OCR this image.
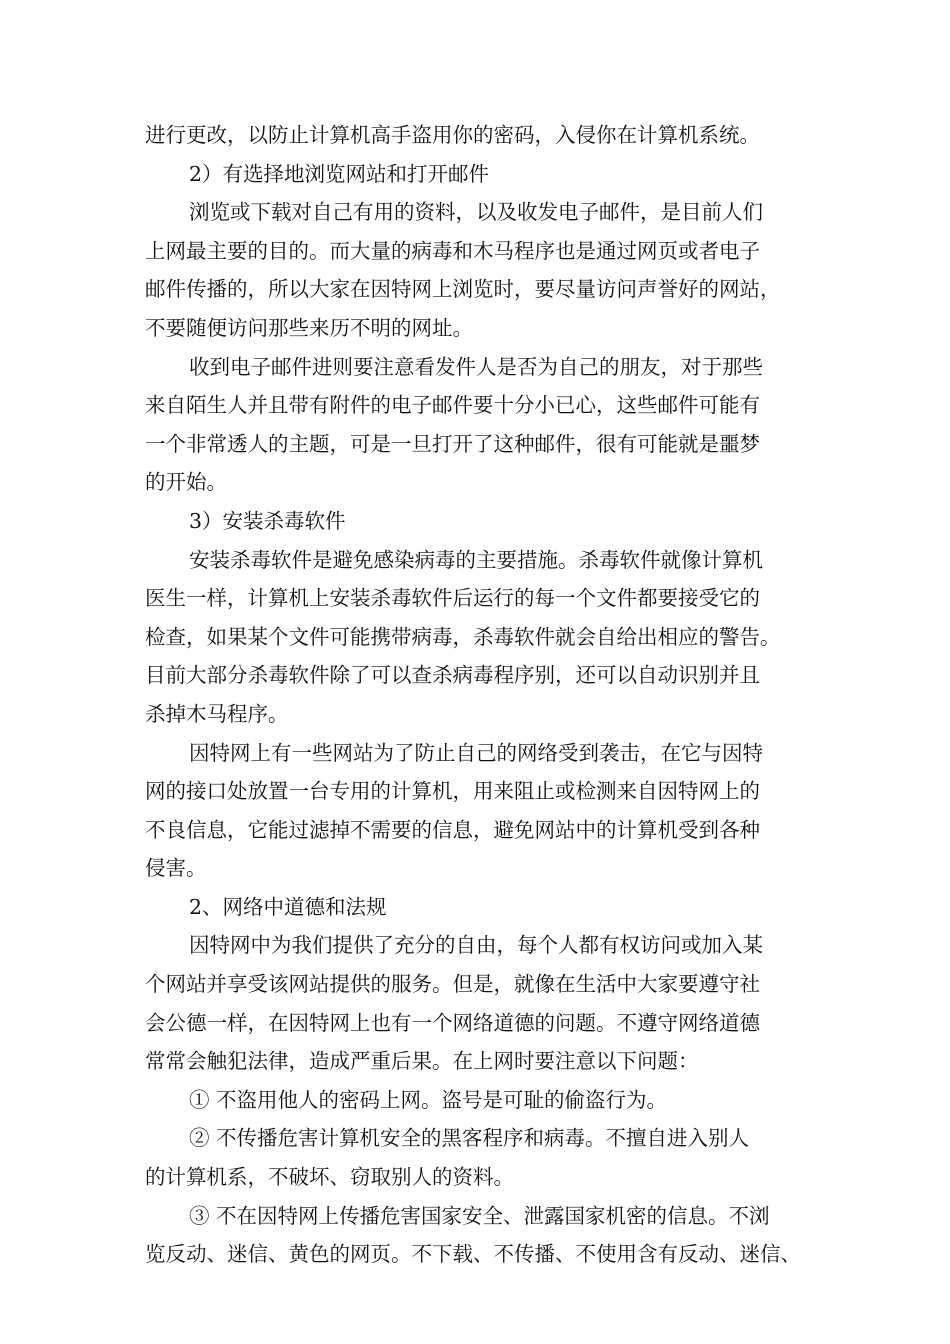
进行更改，以防止计算机高手盗用你的密码，入侵你在计算机系统。
2）有选择地浏览网站和打开邮件
浏览或下载对自己有用的资料，以及收发电子邮件，是目前人们
上网最主要的目的。而大量的病毒和木马程序也是通过网页或者电子
邮件传播的，所以大家在因特网上浏览时，要尽量访问声誉好的网站，
不要随便访问那些来历不明的网址。
收到电子邮件进则要注意看发件人是否为自己的朋友，对于那些
来自陌生人并且带有附件的电子邮件要十分小已心，这些邮件可能有
一个非常透人的主题，可是一旦打开了这种邮件，很有可能就是噩梦
的开始。
3）安装杀毒软件
安装杀毒软件是避免感染病毒的主要措施。杀毒软件就像计算机
医生一样，计算机上安装杀毒软件后运行的每一个文件都要接受它的
检查，如果某个文件可能携带病毒，杀毒软件就会自给出相应的警告。
目前大部分杀毒软件除了可以查杀病毒程序别，还可以自动识别并且
杀掉木马程序。
因特网上有一些网站为了防止自己的网络受到袭击，在它与因特
网的接口处放置一台专用的计算机，用来阻止或检测来自因特网上的
不良信息，它能过滤掉不需要的信息，避免网站中的计算机受到各种
侵害。
2、网络中道德和法规
因特网中为我们提供了充分的自由，每个人都有权访问或加入某
个网站并享受该网站提供的服务。但是，就像在生活中大家要遵守社
会公德一样，在因特网上也有一个网络道德的问题。不遵守网络道德
常常会触犯法律，造成严重后果。在上网时要注意以下问题：
① 不盗用他人的密码上网。盗号是可耻的偷盗行为。
② 不传播危害计算机安全的黑客程序和病毒。不擅自进入别人
的计算机系，不破坏、窃取别人的资料。
③ 不在因特网上传播危害国家安全、泄露国家机密的信息。不浏
览反动、迷信、黄色的网页。不下载、不传播、不使用含有反动、迷信、
